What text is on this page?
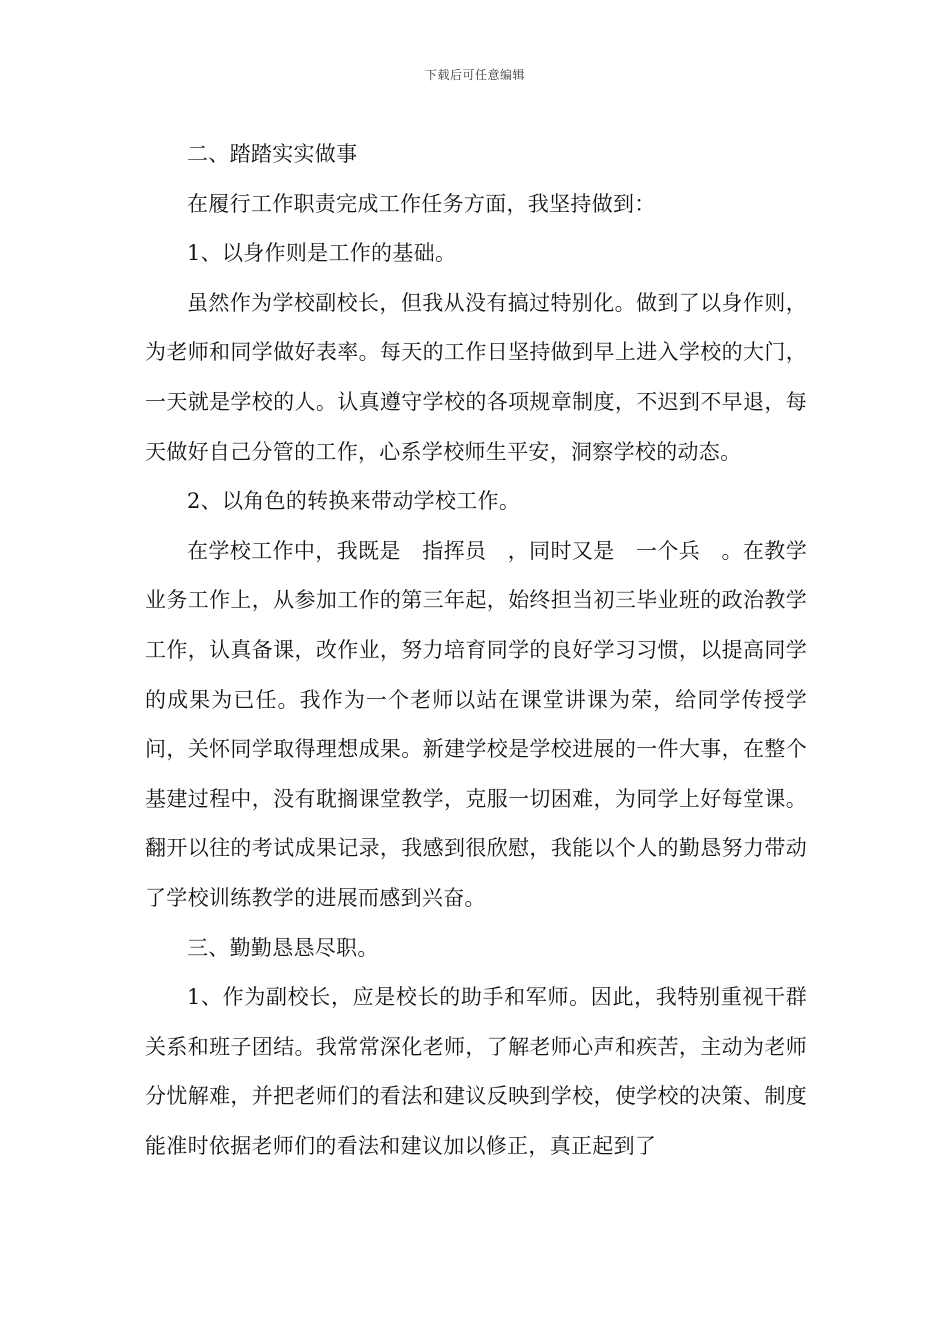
下载后可任意编辑

二、踏踏实实做事

在履行工作职责完成工作任务方面，我坚持做到：

1、以身作则是工作的基础。

虽然作为学校副校长，但我从没有搞过特别化。做到了以身作则，为老师和同学做好表率。每天的工作日坚持做到早上进入学校的大门，一天就是学校的人。认真遵守学校的各项规章制度，不迟到不早退，每天做好自己分管的工作，心系学校师生平安，洞察学校的动态。

2、以角色的转换来带动学校工作。

在学校工作中，我既是　指挥员　，同时又是　一个兵　。在教学业务工作上，从参加工作的第三年起，始终担当初三毕业班的政治教学工作，认真备课，改作业，努力培育同学的良好学习习惯，以提高同学的成果为已任。我作为一个老师以站在课堂讲课为荣，给同学传授学问，关怀同学取得理想成果。新建学校是学校进展的一件大事，在整个基建过程中，没有耽搁课堂教学，克服一切困难，为同学上好每堂课。翻开以往的考试成果记录，我感到很欣慰，我能以个人的勤恳努力带动了学校训练教学的进展而感到兴奋。

三、勤勤恳恳尽职。

1、作为副校长，应是校长的助手和军师。因此，我特别重视干群关系和班子团结。我常常深化老师，了解老师心声和疾苦，主动为老师分忧解难，并把老师们的看法和建议反映到学校，使学校的决策、制度能准时依据老师们的看法和建议加以修正，真正起到了
